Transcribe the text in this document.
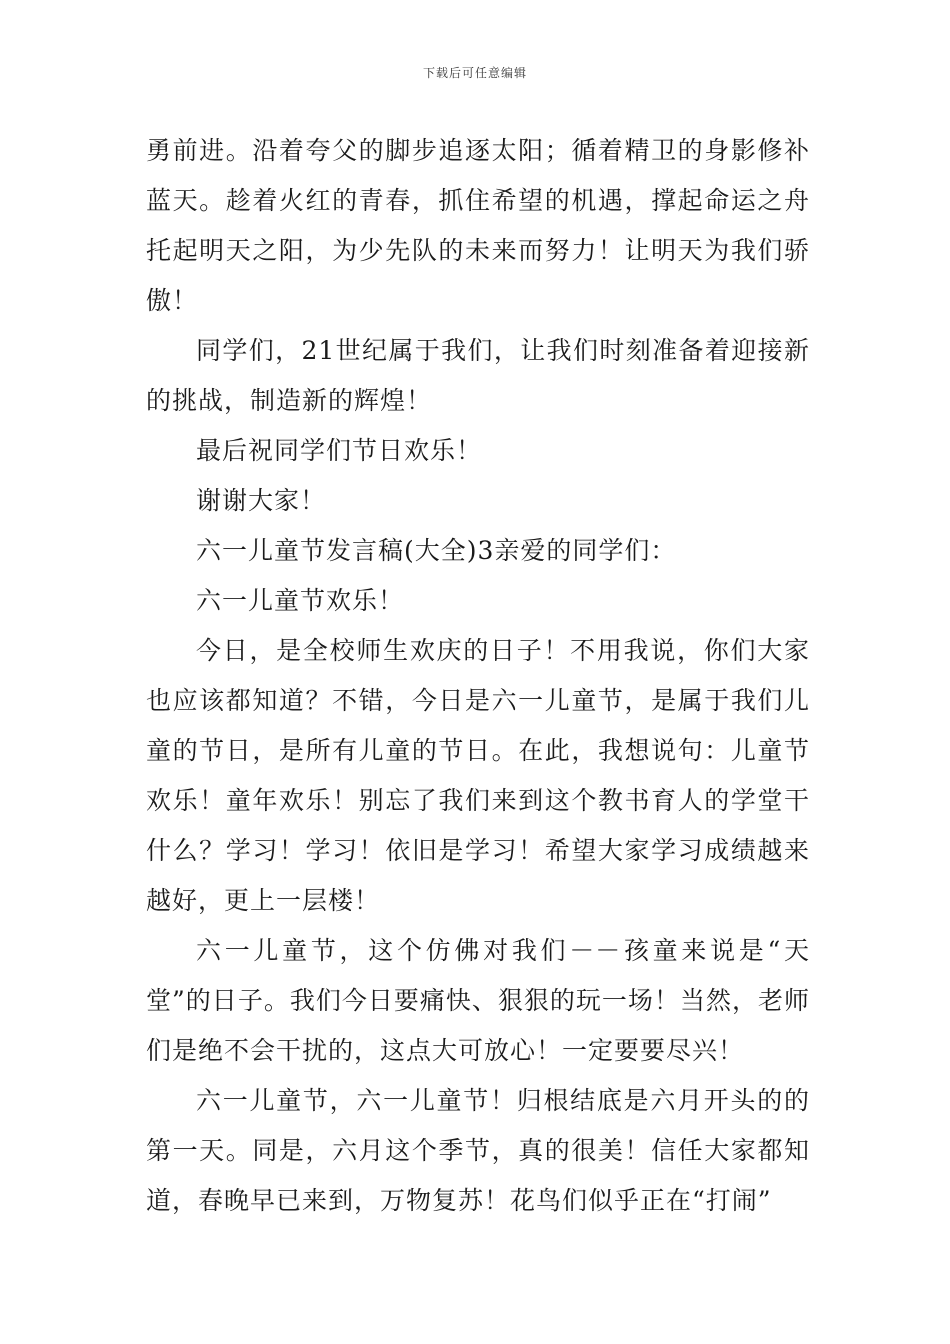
下载后可任意编辑

勇前进。沿着夸父的脚步追逐太阳；循着精卫的身影修补蓝天。趁着火红的青春，抓住希望的机遇，撑起命运之舟托起明天之阳，为少先队的未来而努力！让明天为我们骄傲！

同学们，21世纪属于我们，让我们时刻准备着迎接新的挑战，制造新的辉煌！

最后祝同学们节日欢乐！

谢谢大家！

六一儿童节发言稿(大全)3亲爱的同学们：

六一儿童节欢乐！

今日，是全校师生欢庆的日子！不用我说，你们大家也应该都知道？不错，今日是六一儿童节，是属于我们儿童的节日，是所有儿童的节日。在此，我想说句：儿童节欢乐！童年欢乐！别忘了我们来到这个教书育人的学堂干什么？学习！学习！依旧是学习！希望大家学习成绩越来越好，更上一层楼！

六一儿童节，这个仿佛对我们－－孩童来说是“天堂”的日子。我们今日要痛快、狠狠的玩一场！当然，老师们是绝不会干扰的，这点大可放心！一定要要尽兴！

六一儿童节，六一儿童节！归根结底是六月开头的的第一天。同是，六月这个季节，真的很美！信任大家都知道，春晚早已来到，万物复苏！花鸟们似乎正在“打闹”
